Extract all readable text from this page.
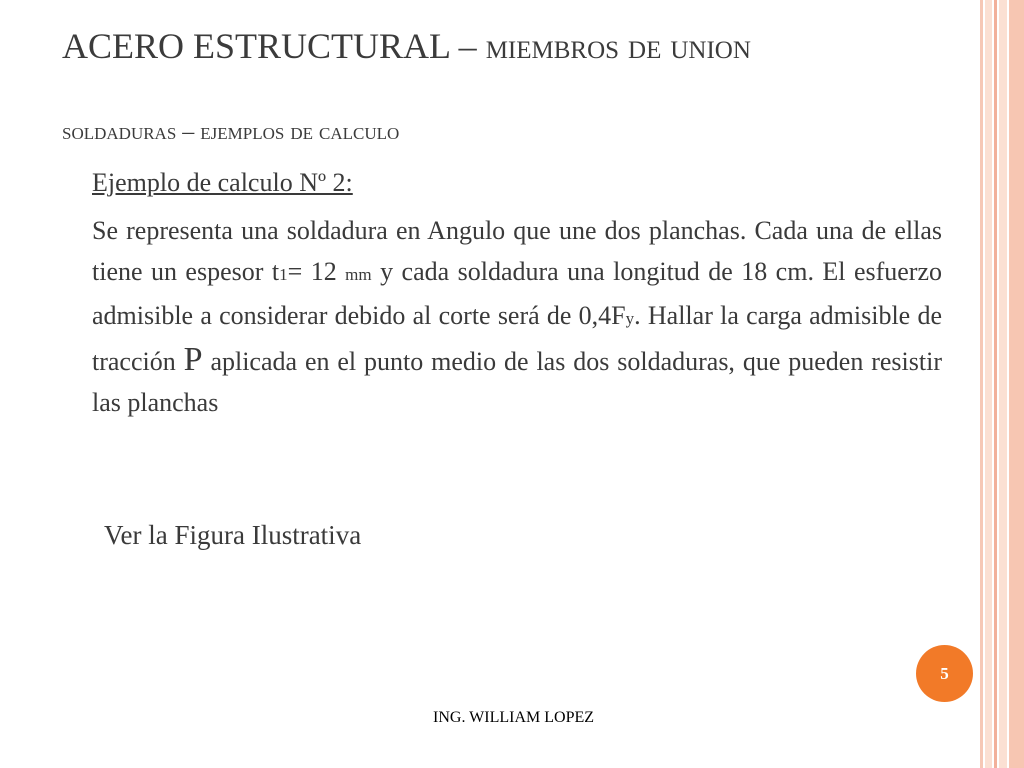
ACERO ESTRUCTURAL – miembros de union
soldaduras – ejemplos de calculo
Ejemplo de calculo Nº 2:
Se representa una soldadura en Angulo que une dos planchas. Cada una de ellas tiene un espesor t1= 12 mm y cada soldadura una longitud de 18 cm. El esfuerzo admisible a considerar debido al corte será de 0,4Fy. Hallar la carga admisible de tracción P aplicada en el punto medio de las dos soldaduras, que pueden resistir las planchas
Ver la Figura Ilustrativa
5
ING. WILLIAM LOPEZ
